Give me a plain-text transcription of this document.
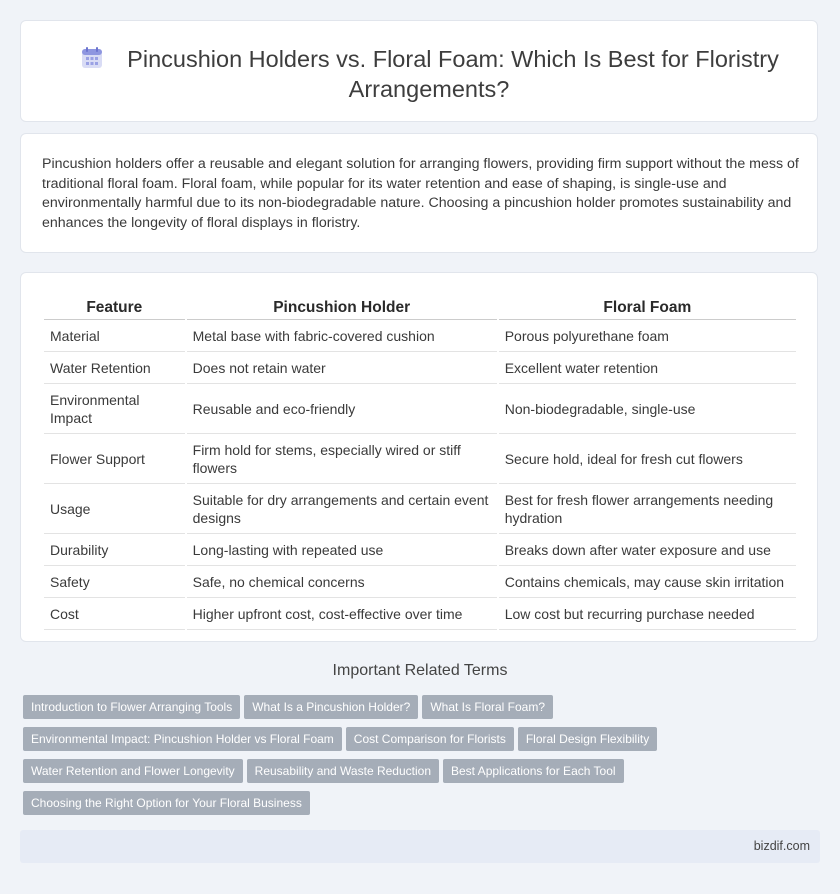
Pincushion Holders vs. Floral Foam: Which Is Best for Floristry
Arrangements?

Pincushion holders offer a reusable and elegant solution for arranging flowers, providing firm support without the mess of traditional floral foam. Floral foam, while popular for its water retention and ease of shaping, is single-use and environmentally harmful due to its non-biodegradable nature. Choosing a pincushion holder promotes sustainability and enhances the longevity of floral displays in floristry.

Feature	Pincushion Holder	Floral Foam
Material	Metal base with fabric-covered cushion	Porous polyurethane foam
Water Retention	Does not retain water	Excellent water retention
Environmental Impact	Reusable and eco-friendly	Non-biodegradable, single-use
Flower Support	Firm hold for stems, especially wired or stiff flowers	Secure hold, ideal for fresh cut flowers
Usage	Suitable for dry arrangements and certain event designs	Best for fresh flower arrangements needing hydration
Durability	Long-lasting with repeated use	Breaks down after water exposure and use
Safety	Safe, no chemical concerns	Contains chemicals, may cause skin irritation
Cost	Higher upfront cost, cost-effective over time	Low cost but recurring purchase needed
Important Related Terms
Introduction to Flower Arranging Tools What Is a Pincushion Holder? What Is Floral Foam?
Environmental Impact: Pincushion Holder vs Floral Foam Cost Comparison for Florists Floral Design Flexibility
Water Retention and Flower Longevity Reusability and Waste Reduction Best Applications for Each Tool
Choosing the Right Option for Your Floral Business
bizdif.com
